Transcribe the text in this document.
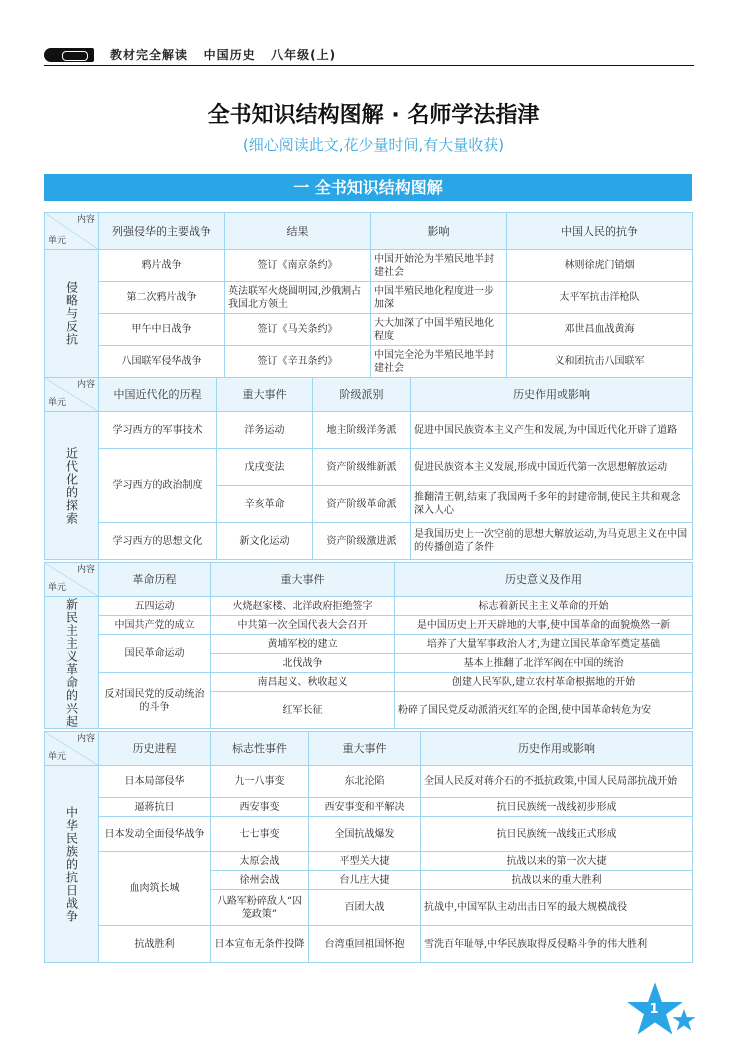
教材完全解读 中国历史 八年级(上)
全书知识结构图解 · 名师学法指津
(细心阅读此文,花少量时间,有大量收获)
一 全书知识结构图解
内容
单元	列强侵华的主要战争	结果	影响	中国人民的抗争

侵略与反抗	鸦片战争	签订《南京条约》	中国开始沦为半殖民地半封建社会	林则徐虎门销烟
	第二次鸦片战争	英法联军火烧圆明园,沙俄割占我国北方领土	中国半殖民地化程度进一步加深	太平军抗击洋枪队
	甲午中日战争	签订《马关条约》	大大加深了中国半殖民地化程度	邓世昌血战黄海
	八国联军侵华战争	签订《辛丑条约》	中国完全沦为半殖民地半封建社会	义和团抗击八国联军
内容
单元	中国近代化的历程	重大事件	阶级派别	历史作用或影响

近代化的探索	学习西方的军事技术	洋务运动	地主阶级洋务派	促进中国民族资本主义产生和发展,为中国近代化开辟了道路
	学习西方的政治制度	戊戌变法	资产阶级维新派	促进民族资本主义发展,形成中国近代第一次思想解放运动
		辛亥革命	资产阶级革命派	推翻清王朝,结束了我国两千多年的封建帝制,使民主共和观念深入人心
	学习西方的思想文化	新文化运动	资产阶级激进派	是我国历史上一次空前的思想大解放运动,为马克思主义在中国的传播创造了条件
内容
单元	革命历程	重大事件	历史意义及作用

新民主主义革命的兴起	五四运动	火烧赵家楼、北洋政府拒绝签字	标志着新民主主义革命的开始
	中国共产党的成立	中共第一次全国代表大会召开	是中国历史上开天辟地的大事,使中国革命的面貌焕然一新
	国民革命运动	黄埔军校的建立	培养了大量军事政治人才,为建立国民革命军奠定基础
		北伐战争	基本上推翻了北洋军阀在中国的统治
	反对国民党的反动统治的斗争	南昌起义、秋收起义	创建人民军队,建立农村革命根据地的开始
		红军长征	粉碎了国民党反动派消灭红军的企图,使中国革命转危为安
内容
单元	历史进程	标志性事件	重大事件	历史作用或影响

中华民族的抗日战争	日本局部侵华	九一八事变	东北沦陷	全国人民反对蒋介石的不抵抗政策,中国人民局部抗战开始
	逼蒋抗日	西安事变	西安事变和平解决	抗日民族统一战线初步形成
	日本发动全面侵华战争	七七事变	全国抗战爆发	抗日民族统一战线正式形成
	血肉筑长城	太原会战	平型关大捷	抗战以来的第一次大捷
		徐州会战	台儿庄大捷	抗战以来的重大胜利
		八路军粉碎敌人“囚笼政策”	百团大战	抗战中,中国军队主动出击日军的最大规模战役
	抗战胜利	日本宣布无条件投降	台湾重回祖国怀抱	雪洗百年耻辱,中华民族取得反侵略斗争的伟大胜利
1
